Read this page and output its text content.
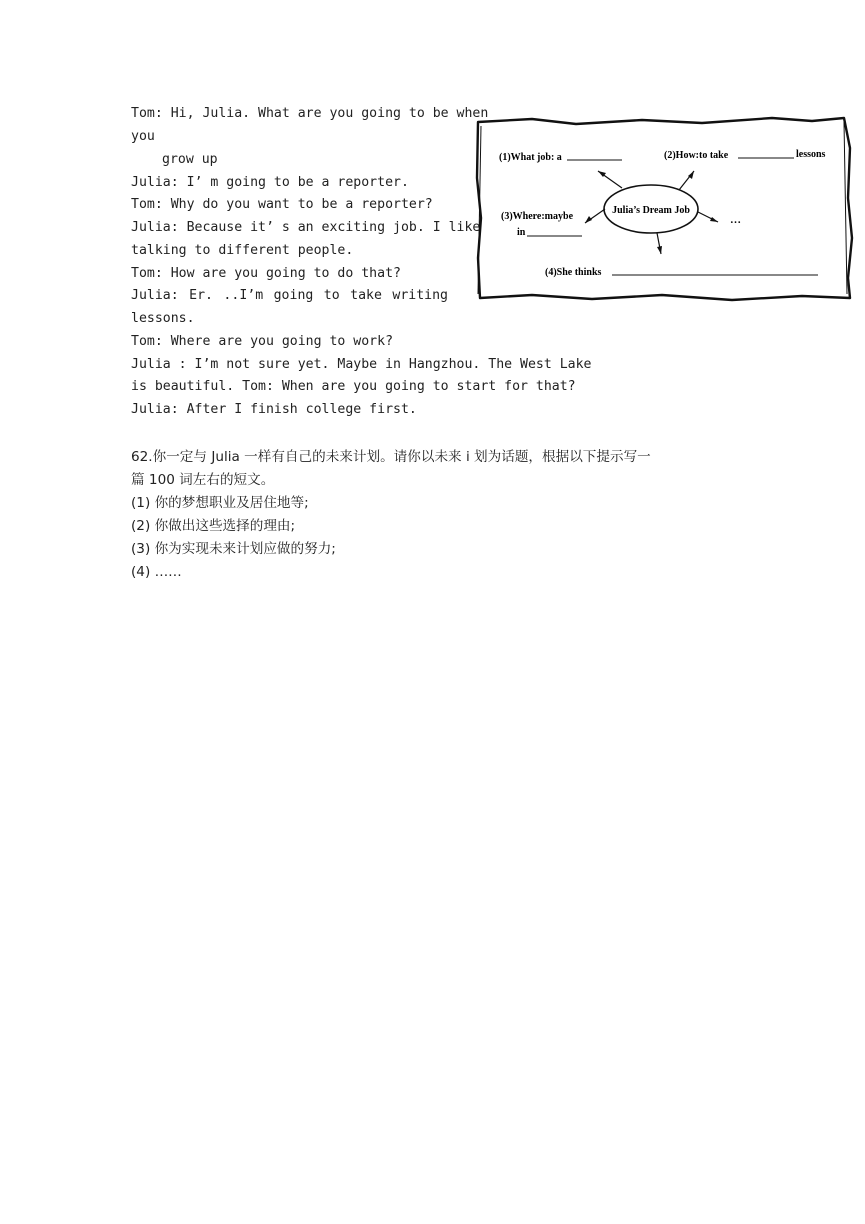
Tom: Hi, Julia. What are you going to be when
you
grow up
Julia: I’ m going to be a reporter.
Tom: Why do you want to be a reporter?
Julia: Because it’ s an exciting job. I like
talking to different people.
Tom: How are you going to do that?
Julia: Er. ..I’m going to take writing
lessons.
Tom: Where are you going to work?
Julia : I’m not sure yet. Maybe in Hangzhou. The West Lake
is beautiful. Tom: When are you going to start for that?
Julia: After I finish college first.
Julia’s Dream Job
(1)What job: a	(2)How:to take	lessons
(3)Where:maybe
in
…
(4)She thinks
62.你一定与 Julia 一样有自己的未来计划。请你以未来 i 划为话题，根据以下提示写一
篇 100 词左右的短文。
(1) 你的梦想职业及居住地等;
(2) 你做出这些选择的理由;
(3) 你为实现未来计划应做的努力;
(4) ……
